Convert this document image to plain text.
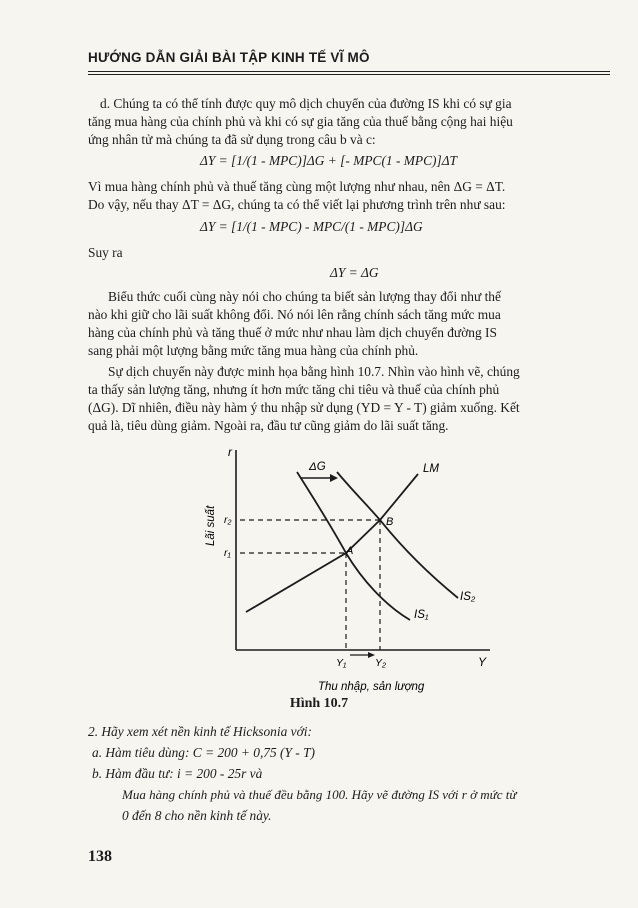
HƯỚNG DẪN GIẢI BÀI TẬP KINH TẾ VĨ MÔ
d. Chúng ta có thể tính được quy mô dịch chuyển của đường IS khi có sự gia
tăng mua hàng của chính phủ và khi có sự gia tăng của thuế bằng cộng hai hiệu
ứng nhân tử mà chúng ta đã sử dụng trong câu b và c:
ΔY = [1/(1 - MPC)]ΔG + [- MPC(1 - MPC)]ΔT
Vì mua hàng chính phủ và thuế tăng cùng một lượng như nhau, nên ΔG = ΔT.
Do vậy, nếu thay ΔT = ΔG, chúng ta có thể viết lại phương trình trên như sau:
ΔY = [1/(1 - MPC) - MPC/(1 - MPC)]ΔG
Suy ra
ΔY = ΔG
Biểu thức cuối cùng này nói cho chúng ta biết sản lượng thay đổi như thế
nào khi giữ cho lãi suất không đổi. Nó nói lên rằng chính sách tăng mức mua
hàng của chính phủ và tăng thuế ở mức như nhau làm dịch chuyển đường IS
sang phải một lượng bằng mức tăng mua hàng của chính phủ.
Sự dịch chuyển này được minh họa bằng hình 10.7. Nhìn vào hình vẽ, chúng
ta thấy sản lượng tăng, nhưng ít hơn mức tăng chi tiêu và thuế của chính phủ
(ΔG). Dĩ nhiên, điều này hàm ý thu nhập sử dụng (YD = Y - T) giảm xuống. Kết
quả là, tiêu dùng giảm. Ngoài ra, đầu tư cũng giảm do lãi suất tăng.
r
Y
Lãi suất
ΔG	LM
IS₁
IS₂
A
B
r₁
r₂
Y₁	Y₂
Thu nhập, sản lượng
Hình 10.7
2. Hãy xem xét nền kinh tế Hicksonia với:
a. Hàm tiêu dùng: C = 200 + 0,75 (Y - T)
b. Hàm đầu tư: i = 200 - 25r và
Mua hàng chính phủ và thuế đều bằng 100. Hãy vẽ đường IS với r ở mức từ
0 đến 8 cho nền kinh tế này.
138
